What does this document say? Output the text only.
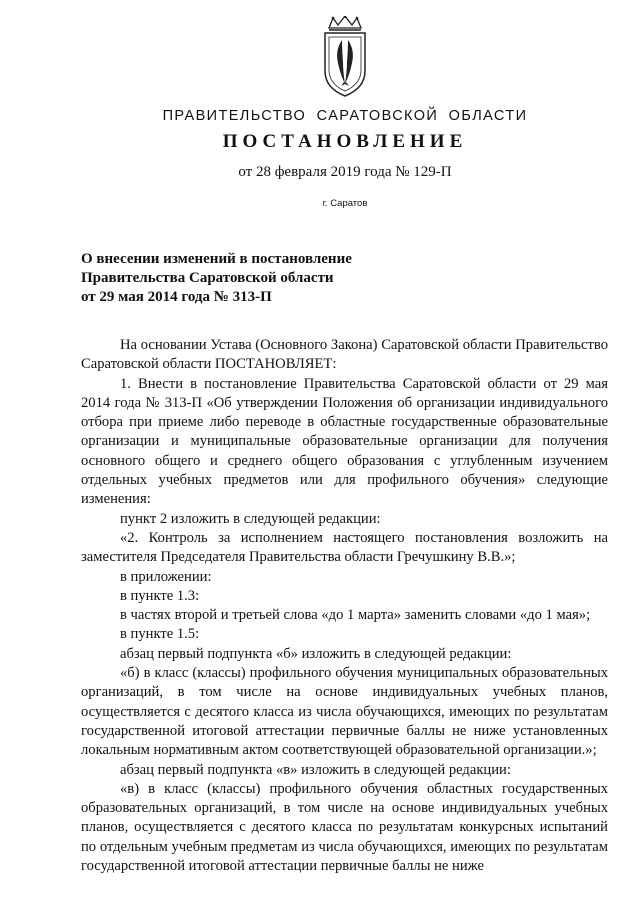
ПРАВИТЕЛЬСТВО САРАТОВСКОЙ ОБЛАСТИ
ПОСТАНОВЛЕНИЕ
от 28 февраля 2019 года № 129-П
г. Саратов
О внесении изменений в постановление
Правительства Саратовской области
от 29 мая 2014 года № 313-П

На основании Устава (Основного Закона) Саратовской области Правительство Саратовской области ПОСТАНОВЛЯЕТ:

1. Внести в постановление Правительства Саратовской области от 29 мая 2014 года № 313-П «Об утверждении Положения об организации индивидуального отбора при приеме либо переводе в областные государственные образовательные организации и муниципальные образовательные организации для получения основного общего и среднего общего образования с углубленным изучением отдельных учебных предметов или для профильного обучения» следующие изменения:

пункт 2 изложить в следующей редакции:

«2. Контроль за исполнением настоящего постановления возложить на заместителя Председателя Правительства области Гречушкину В.В.»;

в приложении:

в пункте 1.3:

в частях второй и третьей слова «до 1 марта» заменить словами «до 1 мая»;

в пункте 1.5:

абзац первый подпункта «б» изложить в следующей редакции:

«б) в класс (классы) профильного обучения муниципальных образовательных организаций, в том числе на основе индивидуальных учебных планов, осуществляется с десятого класса из числа обучающихся, имеющих по результатам государственной итоговой аттестации первичные баллы не ниже установленных локальным нормативным актом соответствующей образовательной организации.»;

абзац первый подпункта «в» изложить в следующей редакции:

«в) в класс (классы) профильного обучения областных государственных образовательных организаций, в том числе на основе индивидуальных учебных планов, осуществляется с десятого класса по результатам конкурсных испытаний по отдельным учебным предметам из числа обучающихся, имеющих по результатам государственной итоговой аттестации первичные баллы не ниже
